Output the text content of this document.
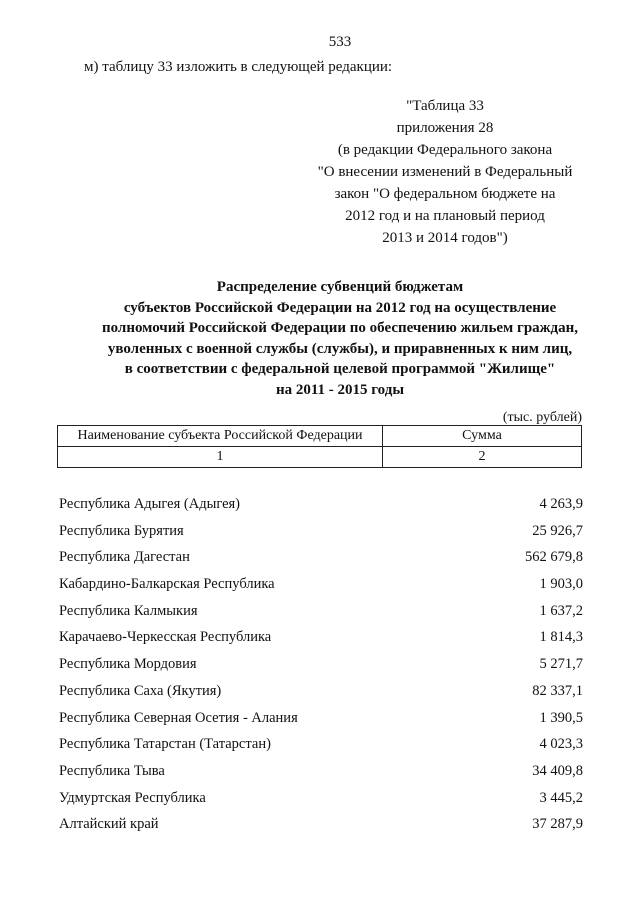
533
м) таблицу 33 изложить в следующей редакции:
"Таблица 33
приложения 28
(в редакции Федерального закона
"О внесении изменений в Федеральный
закон "О федеральном бюджете на
2012 год и на плановый период
2013 и 2014 годов")
Распределение субвенций бюджетам
субъектов Российской Федерации на 2012 год на осуществление
полномочий Российской Федерации по обеспечению жильем граждан,
уволенных с военной службы (службы), и приравненных к ним лиц,
в соответствии с федеральной целевой программой "Жилище"
на 2011 - 2015 годы
(тыс. рублей)
Наименование субъекта Российской Федерации	Сумма
1	2
Республика Адыгея (Адыгея)	4 263,9
Республика Бурятия	25 926,7
Республика Дагестан	562 679,8
Кабардино-Балкарская Республика	1 903,0
Республика Калмыкия	1 637,2
Карачаево-Черкесская Республика	1 814,3
Республика Мордовия	5 271,7
Республика Саха (Якутия)	82 337,1
Республика Северная Осетия - Алания	1 390,5
Республика Татарстан (Татарстан)	4 023,3
Республика Тыва	34 409,8
Удмуртская Республика	3 445,2
Алтайский край	37 287,9
